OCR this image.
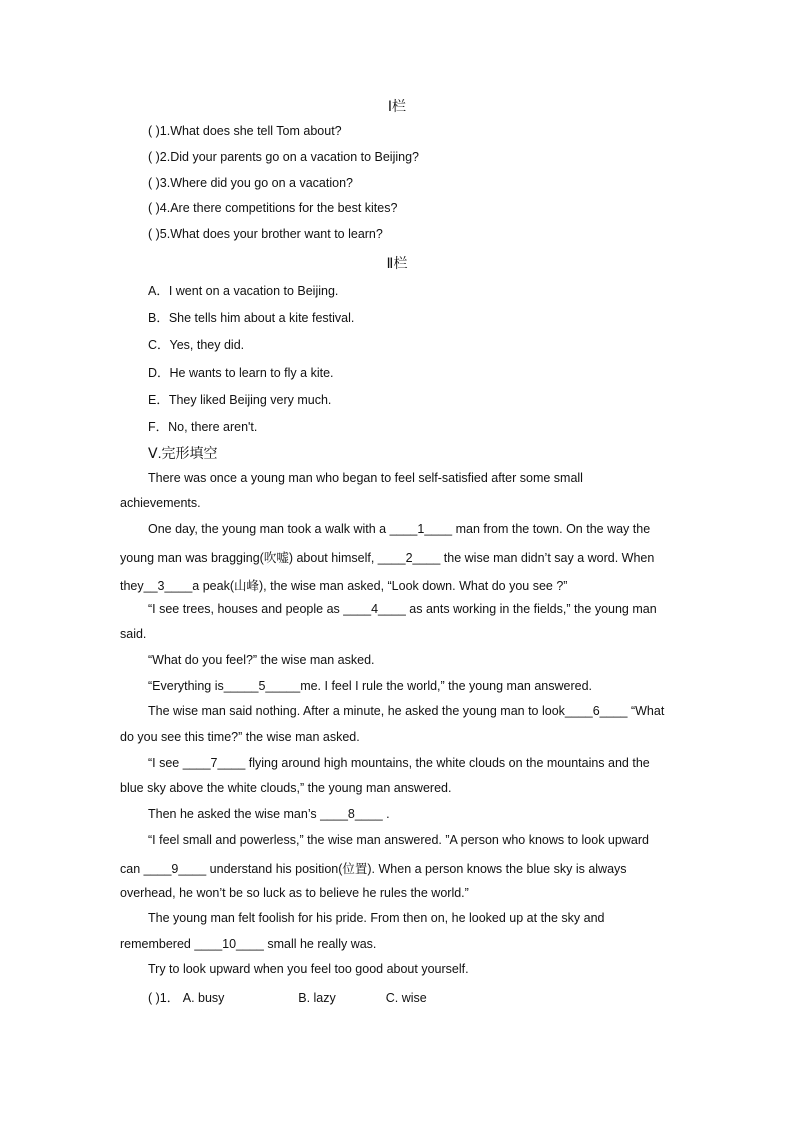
Ⅰ栏
( )1.What does she tell Tom about?
( )2.Did your parents go on a vacation to Beijing?
( )3.Where did you go on a vacation?
( )4.Are there competitions for the best kites?
( )5.What does your brother want to learn?
Ⅱ栏
A．I went on a vacation to Beijing.
B．She tells him about a kite festival.
C．Yes, they did.
D．He wants to learn to fly a kite.
E．They liked Beijing very much.
F．No, there aren't.
Ⅴ.完形填空
There was once a young man who began to feel self-satisfied after some small
achievements.
One day, the young man took a walk with a ____1____ man from the town. On the way the
young man was bragging(吹嘘) about himself, ____2____ the wise man didn’t say a word. When
they__3____a peak(山峰), the wise man asked, “Look down. What do you see ?”
“I see trees, houses and people as ____4____ as ants working in the fields,” the young man
said.
“What do you feel?” the wise man asked.
“Everything is_____5_____me. I feel I rule the world,” the young man answered.
The wise man said nothing. After a minute, he asked the young man to look____6____ “What
do you see this time?” the wise man asked.
“I see ____7____ flying around high mountains, the white clouds on the mountains and the
blue sky above the white clouds,” the young man answered.
Then he asked the wise man’s ____8____ .
“I feel small and powerless,” the wise man answered. ”A person who knows to look upward
can ____9____ understand his position(位置). When a person knows the blue sky is always
overhead, he won’t be so luck as to believe he rules the world.”
The young man felt foolish for his pride. From then on, he looked up at the sky and
remembered ____10____ small he really was.
Try to look upward when you feel too good about yourself.
( )1． A. busy	B. lazy	C. wise
